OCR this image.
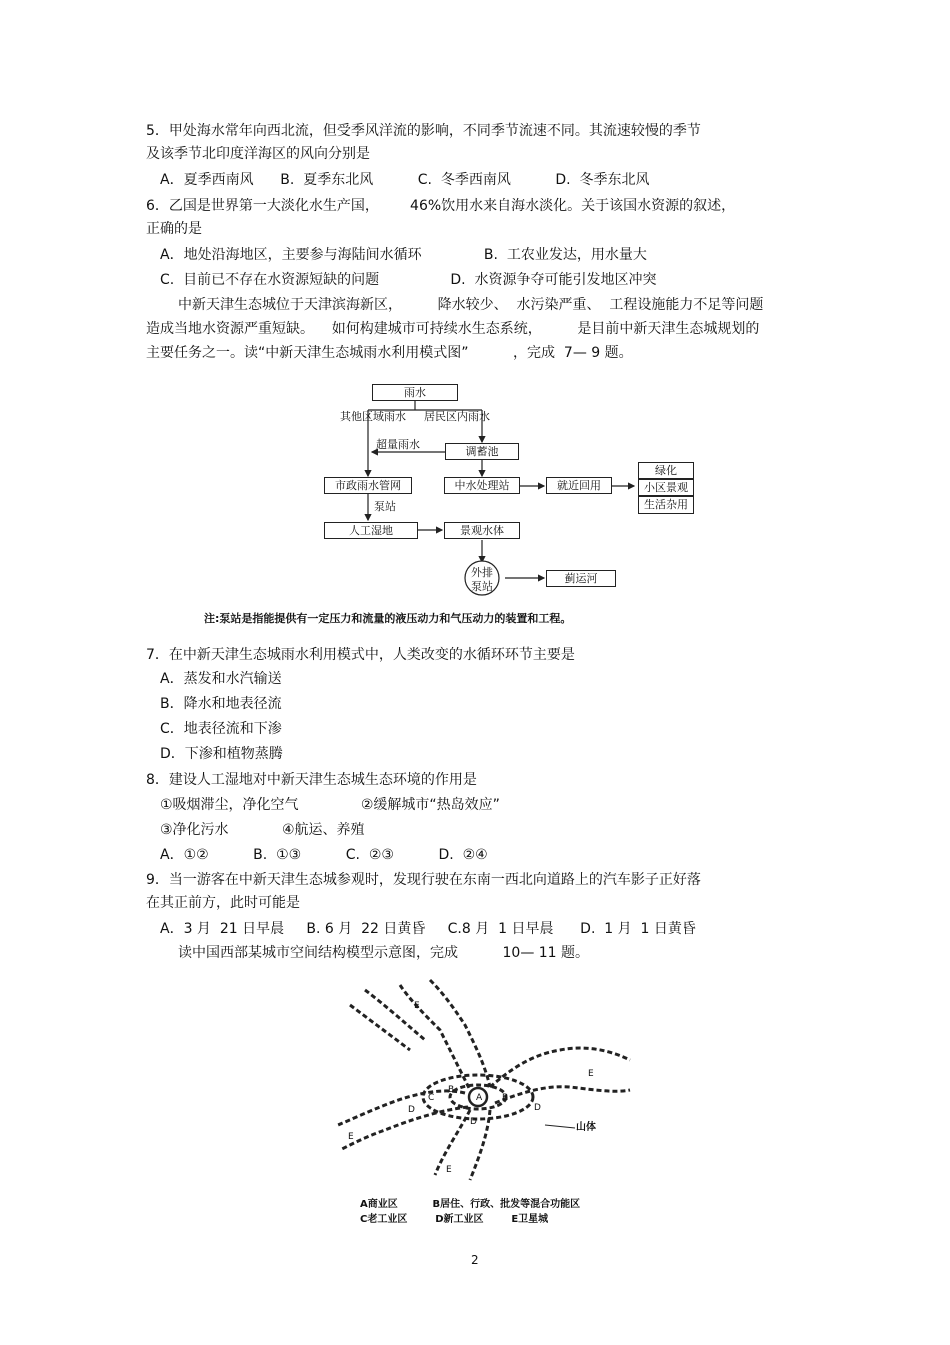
5．甲处海水常年向西北流，但受季风洋流的影响，不同季节流速不同。其流速较慢的季节
及该季节北印度洋海区的风向分别是
A．夏季西南风      B.  夏季东北风          C.  冬季西南风          D.  冬季东北风
6．乙国是世界第一大淡化水生产国，       46%饮用水来自海水淡化。关于该国水资源的叙述，
正确的是
A．地处沿海地区，主要参与海陆间水循环              B.  工农业发达，用水量大
C.  目前已不存在水资源短缺的问题                D.  水资源争夺可能引发地区冲突
中新天津生态城位于天津滨海新区，        降水较少、  水污染严重、  工程设施能力不足等问题
造成当地水资源严重短缺。    如何构建城市可持续水生态系统，        是目前中新天津生态城规划的
主要任务之一。读“中新天津生态城雨水利用模式图”          ，完成  7— 9 题。
雨水
其他区域雨水 居民区内雨水
超量雨水
调蓄池
市政雨水管网	中水处理站	就近回用
绿化
小区景观
生活杂用
泵站
人工湿地	景观水体
外排
泵站
蓟运河
注:泵站是指能提供有一定压力和流量的液压动力和气压动力的装置和工程。
7．在中新天津生态城雨水利用模式中，人类改变的水循环环节主要是
A．蒸发和水汽输送
B．降水和地表径流
C．地表径流和下渗
D．下渗和植物蒸腾
8．建设人工湿地对中新天津生态城生态环境的作用是
①吸烟滞尘，净化空气              ②缓解城市“热岛效应”
③净化污水            ④航运、养殖
A．①②          B.  ①③          C.  ②③          D.  ②④
9．当一游客在中新天津生态城参观时，发现行驶在东南一西北向道路上的汽车影子正好落
在其正前方，此时可能是
A．3 月  21 日早晨     B. 6 月  22 日黄昏     C.8 月  1 日早晨      D.  1 月  1 日黄昏
读中国西部某城市空间结构模型示意图，完成          10— 11 题。
E
E
E
E
C	A
D	D
B
B
D	山体
A商业区          B居住、行政、批发等混合功能区
C老工业区        D新工业区        E卫星城
2
